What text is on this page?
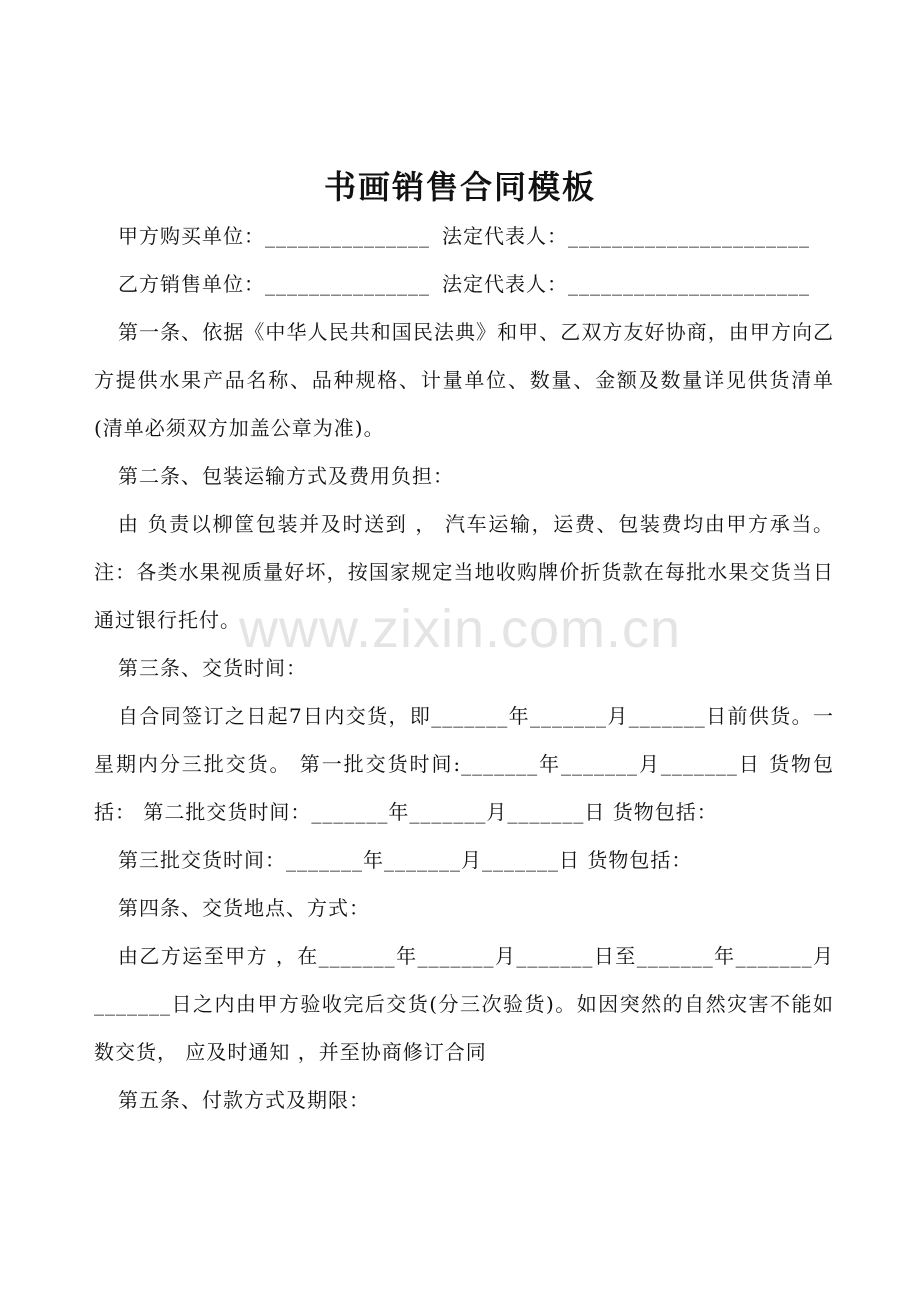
书画销售合同模板
甲方购买单位： _______________ 法定代表人： ______________________
乙方销售单位： _______________ 法定代表人： ______________________

第一条、依据《中华人民共和国民法典》和甲、乙双方友好协商，由甲方向乙方提供水果产品名称、品种规格、计量单位、数量、金额及数量详见供货清单(清单必须双方加盖公章为准)。

第二条、包装运输方式及费用负担：

由 负责以柳筐包装并及时送到 ， 汽车运输，运费、包装费均由甲方承当。注：各类水果视质量好坏，按国家规定当地收购牌价折货款在每批水果交货当日通过银行托付。

第三条、交货时间：

自合同签订之日起7日内交货，即_______年_______月_______日前供货。一星期内分三批交货。 第一批交货时间:_______年_______月_______日 货物包括： 第二批交货时间：_______年_______月_______日 货物包括：

第三批交货时间：_______年_______月_______日 货物包括：

第四条、交货地点、方式：

由乙方运至甲方 ，在_______年_______月_______日至_______年_______月_______日之内由甲方验收完后交货(分三次验货)。如因突然的自然灾害不能如数交货， 应及时通知 ，并至协商修订合同

第五条、付款方式及期限：

www.zixin.com.cn
